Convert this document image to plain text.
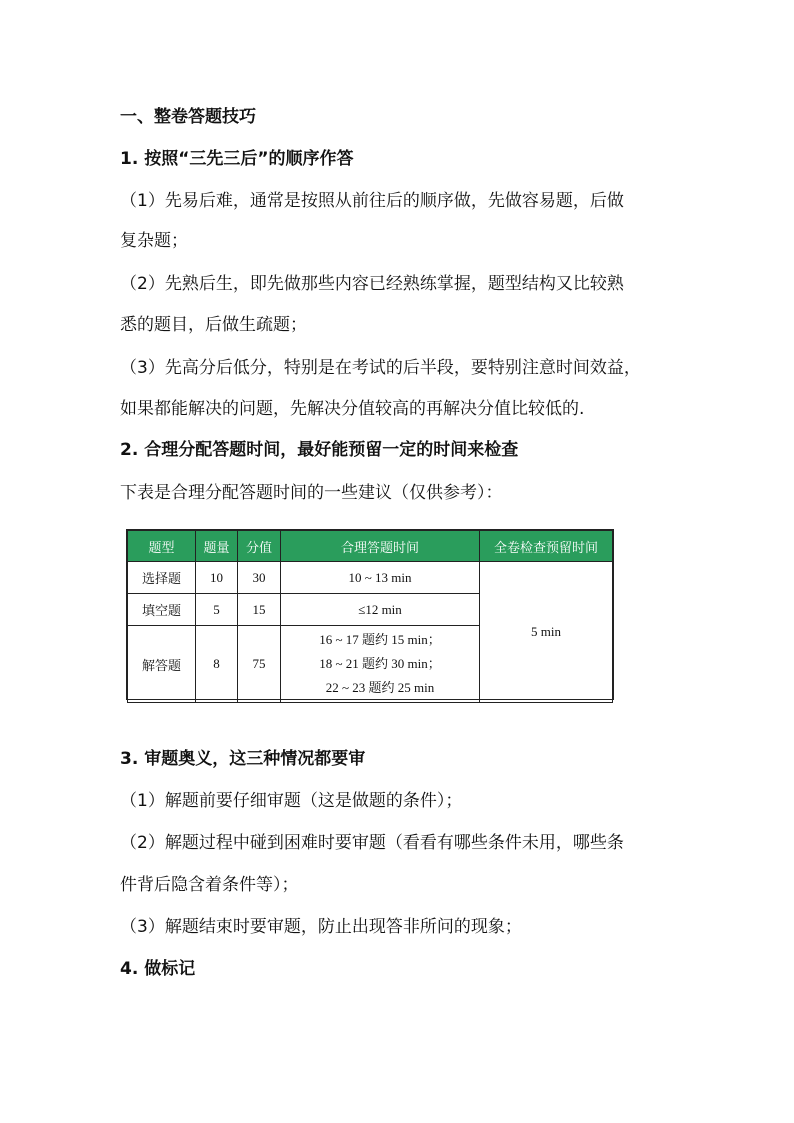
一、整卷答题技巧
1. 按照“三先三后”的顺序作答
（1）先易后难，通常是按照从前往后的顺序做，先做容易题，后做
复杂题；
（2）先熟后生，即先做那些内容已经熟练掌握，题型结构又比较熟
悉的题目，后做生疏题；
（3）先高分后低分，特别是在考试的后半段，要特别注意时间效益，
如果都能解决的问题，先解决分值较高的再解决分值比较低的.
2. 合理分配答题时间，最好能预留一定的时间来检查
下表是合理分配答题时间的一些建议（仅供参考）：
题型	题量	分值	合理答题时间	全卷检查预留时间
选择题	10	30	10 ~ 13 min	5 min
填空题	5	15	≤12 min	
解答题	8	75	16 ~ 17 题约 15 min；
18 ~ 21 题约 30 min；
22 ~ 23 题约 25 min	
3. 审题奥义，这三种情况都要审
（1）解题前要仔细审题（这是做题的条件）；
（2）解题过程中碰到困难时要审题（看看有哪些条件未用，哪些条
件背后隐含着条件等）；
（3）解题结束时要审题，防止出现答非所问的现象；
4. 做标记
